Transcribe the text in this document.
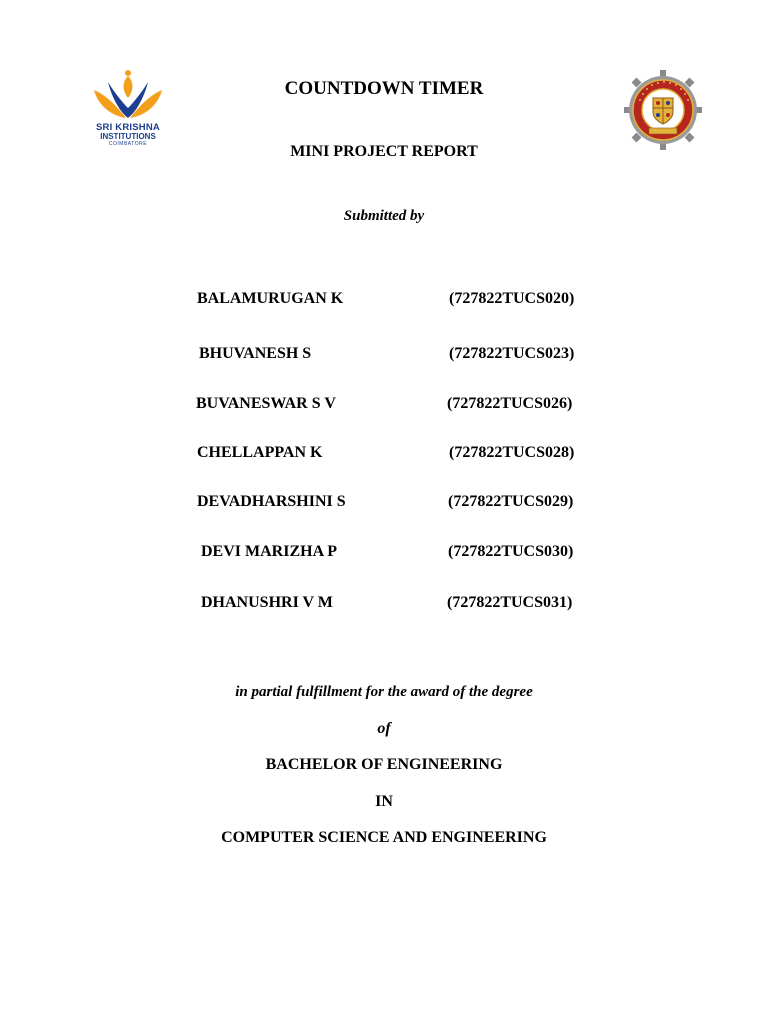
SRI KRISHNA
INSTITUTIONS
COIMBATORE
COUNTDOWN TIMER
MINI PROJECT REPORT
Submitted by
BALAMURUGAN K	(727822TUCS020)
BHUVANESH S	(727822TUCS023)
BUVANESWAR S V	(727822TUCS026)
CHELLAPPAN K	(727822TUCS028)
DEVADHARSHINI S	(727822TUCS029)
DEVI MARIZHA P	(727822TUCS030)
DHANUSHRI V M	(727822TUCS031)
in partial fulfillment for the award of the degree
of
BACHELOR OF ENGINEERING
IN
COMPUTER SCIENCE AND ENGINEERING
